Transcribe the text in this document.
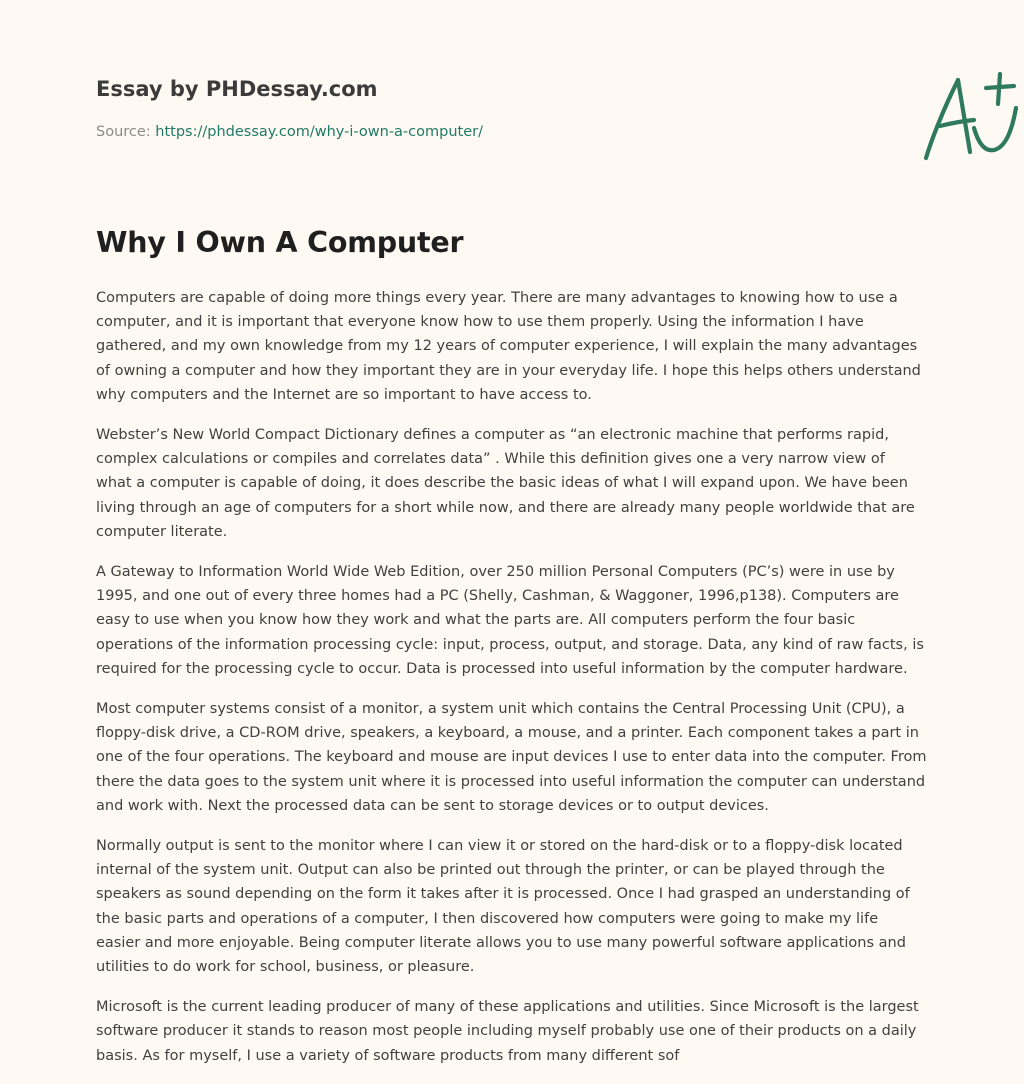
Essay by PHDessay.com
Source: https://phdessay.com/why-i-own-a-computer/
Why I Own A Computer

Computers are capable of doing more things every year. There are many advantages to knowing how to use a
computer, and it is important that everyone know how to use them properly. Using the information I have
gathered, and my own knowledge from my 12 years of computer experience, I will explain the many advantages
of owning a computer and how they important they are in your everyday life. I hope this helps others understand
why computers and the Internet are so important to have access to.

Webster’s New World Compact Dictionary defines a computer as “an electronic machine that performs rapid,
complex calculations or compiles and correlates data” . While this definition gives one a very narrow view of
what a computer is capable of doing, it does describe the basic ideas of what I will expand upon. We have been
living through an age of computers for a short while now, and there are already many people worldwide that are
computer literate.

A Gateway to Information World Wide Web Edition, over 250 million Personal Computers (PC’s) were in use by
1995, and one out of every three homes had a PC (Shelly, Cashman, & Waggoner, 1996,p138). Computers are
easy to use when you know how they work and what the parts are. All computers perform the four basic
operations of the information processing cycle: input, process, output, and storage. Data, any kind of raw facts, is
required for the processing cycle to occur. Data is processed into useful information by the computer hardware.

Most computer systems consist of a monitor, a system unit which contains the Central Processing Unit (CPU), a
floppy-disk drive, a CD-ROM drive, speakers, a keyboard, a mouse, and a printer. Each component takes a part in
one of the four operations. The keyboard and mouse are input devices I use to enter data into the computer. From
there the data goes to the system unit where it is processed into useful information the computer can understand
and work with. Next the processed data can be sent to storage devices or to output devices.

Normally output is sent to the monitor where I can view it or stored on the hard-disk or to a floppy-disk located
internal of the system unit. Output can also be printed out through the printer, or can be played through the
speakers as sound depending on the form it takes after it is processed. Once I had grasped an understanding of
the basic parts and operations of a computer, I then discovered how computers were going to make my life
easier and more enjoyable. Being computer literate allows you to use many powerful software applications and
utilities to do work for school, business, or pleasure.

Microsoft is the current leading producer of many of these applications and utilities. Since Microsoft is the largest
software producer it stands to reason most people including myself probably use one of their products on a daily
basis. As for myself, I use a variety of software products from many different sof
